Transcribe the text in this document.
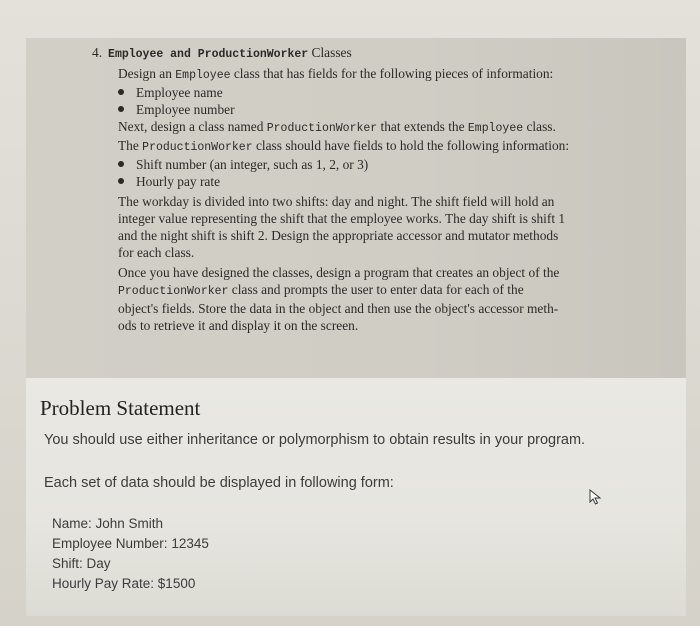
4. Employee and ProductionWorker Classes

Design an Employee class that has fields for the following pieces of information:

Employee name
Employee number

Next, design a class named ProductionWorker that extends the Employee class.

The ProductionWorker class should have fields to hold the following information:

Shift number (an integer, such as 1, 2, or 3)
Hourly pay rate
The workday is divided into two shifts: day and night. The shift field will hold an
integer value representing the shift that the employee works. The day shift is shift 1
and the night shift is shift 2. Design the appropriate accessor and mutator methods
for each class.
Once you have designed the classes, design a program that creates an object of the
ProductionWorker class and prompts the user to enter data for each of the
object's fields. Store the data in the object and then use the object's accessor meth-
ods to retrieve it and display it on the screen.
Problem Statement
You should use either inheritance or polymorphism to obtain results in your program.
Each set of data should be displayed in following form:
Name: John Smith
Employee Number: 12345
Shift: Day
Hourly Pay Rate: $1500
